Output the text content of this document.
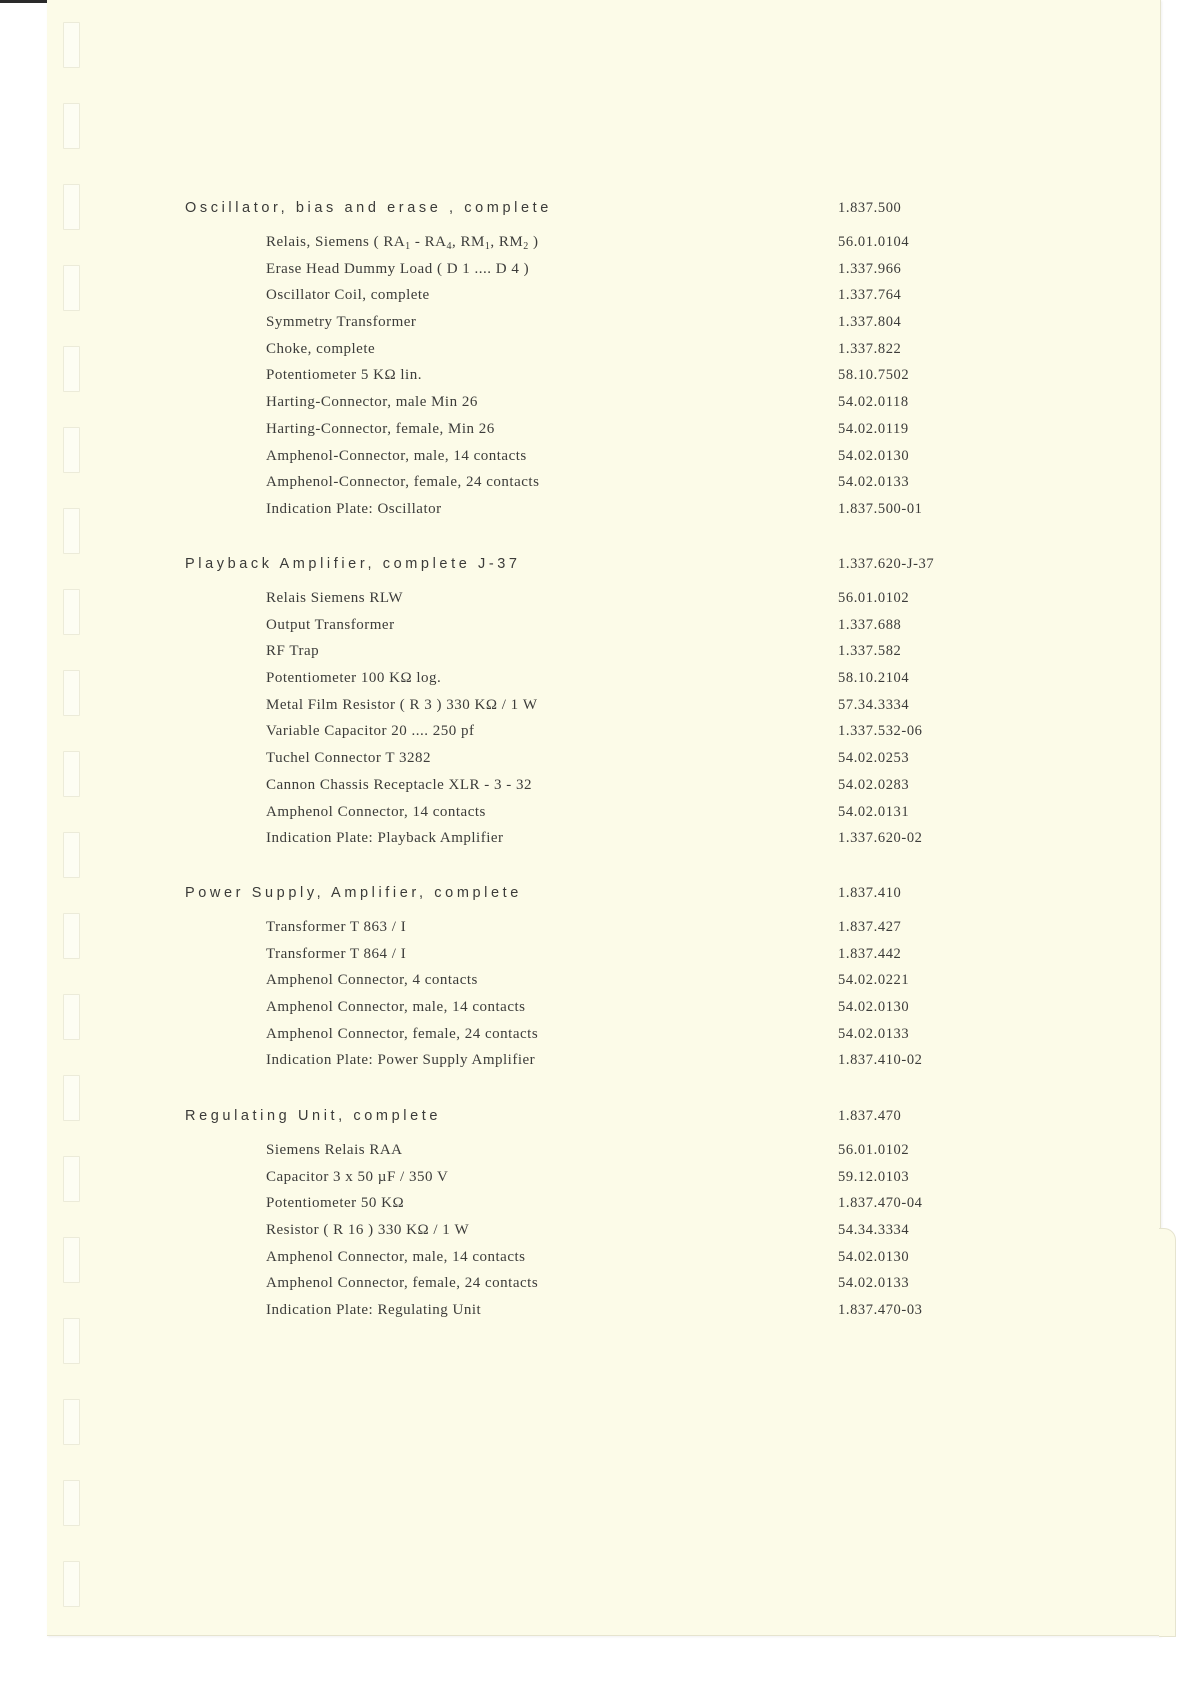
Oscillator, bias and erase , complete	1.837.500
Relais, Siemens ( $RA_1 - RA_4$, $RM_1$, $RM_2$ )	56.01.0104
Erase Head Dummy Load ( D 1 .... D 4 )	1.337.966
Oscillator Coil, complete	1.337.764
Symmetry Transformer	1.337.804
Choke, complete	1.337.822
Potentiometer 5 KΩ lin.	58.10.7502
Harting-Connector, male Min 26	54.02.0118
Harting-Connector, female, Min 26	54.02.0119
Amphenol-Connector, male, 14 contacts	54.02.0130
Amphenol-Connector, female, 24 contacts	54.02.0133
Indication Plate: Oscillator	1.837.500-01
Playback Amplifier, complete J-37	1.337.620-J-37
Relais Siemens RLW	56.01.0102
Output Transformer	1.337.688
RF Trap	1.337.582
Potentiometer 100 KΩ log.	58.10.2104
Metal Film Resistor ( R 3 ) 330 KΩ / 1 W	57.34.3334
Variable Capacitor 20 .... 250 pf	1.337.532-06
Tuchel Connector T 3282	54.02.0253
Cannon Chassis Receptacle XLR - 3 - 32	54.02.0283
Amphenol Connector, 14 contacts	54.02.0131
Indication Plate: Playback Amplifier	1.337.620-02
Power Supply, Amplifier, complete	1.837.410
Transformer T 863 / I	1.837.427
Transformer T 864 / I	1.837.442
Amphenol Connector, 4 contacts	54.02.0221
Amphenol Connector, male, 14 contacts	54.02.0130
Amphenol Connector, female, 24 contacts	54.02.0133
Indication Plate: Power Supply Amplifier	1.837.410-02
Regulating Unit, complete	1.837.470
Siemens Relais RAA	56.01.0102
Capacitor 3 x 50 µF / 350 V	59.12.0103
Potentiometer 50 KΩ	1.837.470-04
Resistor ( R 16 ) 330 KΩ / 1 W	54.34.3334
Amphenol Connector, male, 14 contacts	54.02.0130
Amphenol Connector, female, 24 contacts	54.02.0133
Indication Plate: Regulating Unit	1.837.470-03
